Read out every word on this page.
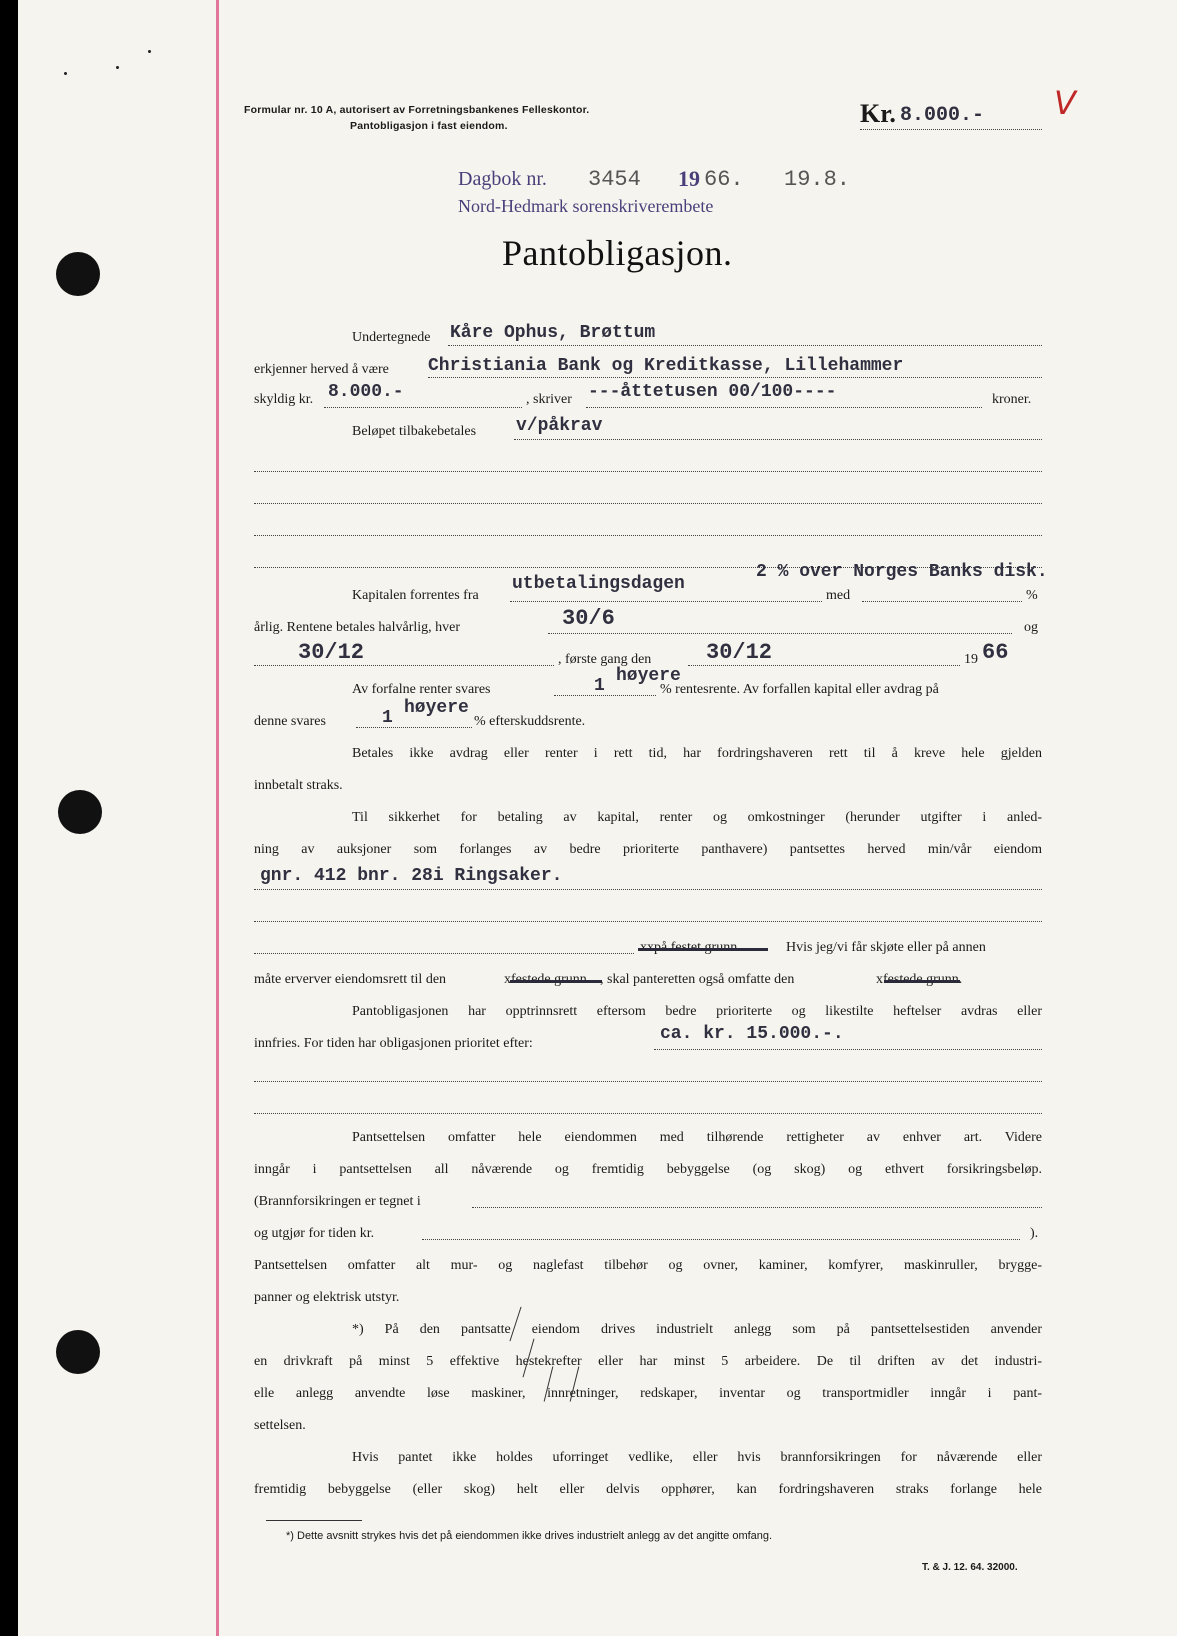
Formular nr. 10 A, autorisert av Forretningsbankenes Felleskontor.
Pantobligasjon i fast eiendom.	Kr. 8.000.- V
Dagbok nr. 3454 19 66. 19.8.
Nord-Hedmark sorenskriverembete
Pantobligasjon.
Undertegnede Kåre Ophus, Brøttum
erkjenner herved å være Christiania Bank og Kreditkasse, Lillehammer
skyldig kr. 8.000.-	, skriver ---åttetusen 00/100----	kroner.
Beløpet tilbakebetales v/påkrav
2 % over Norges Banks disk.
Kapitalen forrentes fra
utbetalingsdagen
med	%
årlig. Rentene betales halvårlig, hver	30/6	og
30/12	, første gang den 30/12	19 66
høyere
Av forfalne renter svares	1	% rentesrente. Av forfallen kapital eller avdrag på
høyere
denne svares	1	% efterskuddsrente.
Betales ikke avdrag eller renter i rett tid, har fordringshaveren rett til å kreve hele gjelden
innbetalt straks.
Til sikkerhet for betaling av kapital, renter og omkostninger (herunder utgifter i anled-
ning av auksjoner som forlanges av bedre prioriterte panthavere) pantsettes herved min/vår eiendom
gnr. 412 bnr. 28i Ringsaker.
xxpå festet grunn.	Hvis jeg/vi får skjøte eller på annen
måte erverver eiendomsrett til den	xfestede grunn , skal panteretten også omfatte den	xfestede grunn.
Pantobligasjonen har opptrinnsrett eftersom bedre prioriterte og likestilte heftelser avdras eller
innfries. For tiden har obligasjonen prioritet efter:	ca. kr. 15.000.-.
Pantsettelsen omfatter hele eiendommen med tilhørende rettigheter av enhver art. Videre
inngår i pantsettelsen all nåværende og fremtidig bebyggelse (og skog) og ethvert forsikringsbeløp.
(Brannforsikringen er tegnet i
og utgjør for tiden kr.	).
Pantsettelsen omfatter alt mur- og naglefast tilbehør og ovner, kaminer, komfyrer, maskinruller, brygge-
panner og elektrisk utstyr.
*) På den pantsatte eiendom drives industrielt anlegg som på pantsettelsestiden anvender
en drivkraft på minst 5 effektive hestekrefter eller har minst 5 arbeidere. De til driften av det industri-
elle anlegg anvendte løse maskiner, innretninger, redskaper, inventar og transportmidler inngår i pant-
settelsen.
Hvis pantet ikke holdes uforringet vedlike, eller hvis brannforsikringen for nåværende eller
fremtidig bebyggelse (eller skog) helt eller delvis opphører, kan fordringshaveren straks forlange hele
*) Dette avsnitt strykes hvis det på eiendommen ikke drives industrielt anlegg av det angitte omfang.
T. & J. 12. 64. 32000.
